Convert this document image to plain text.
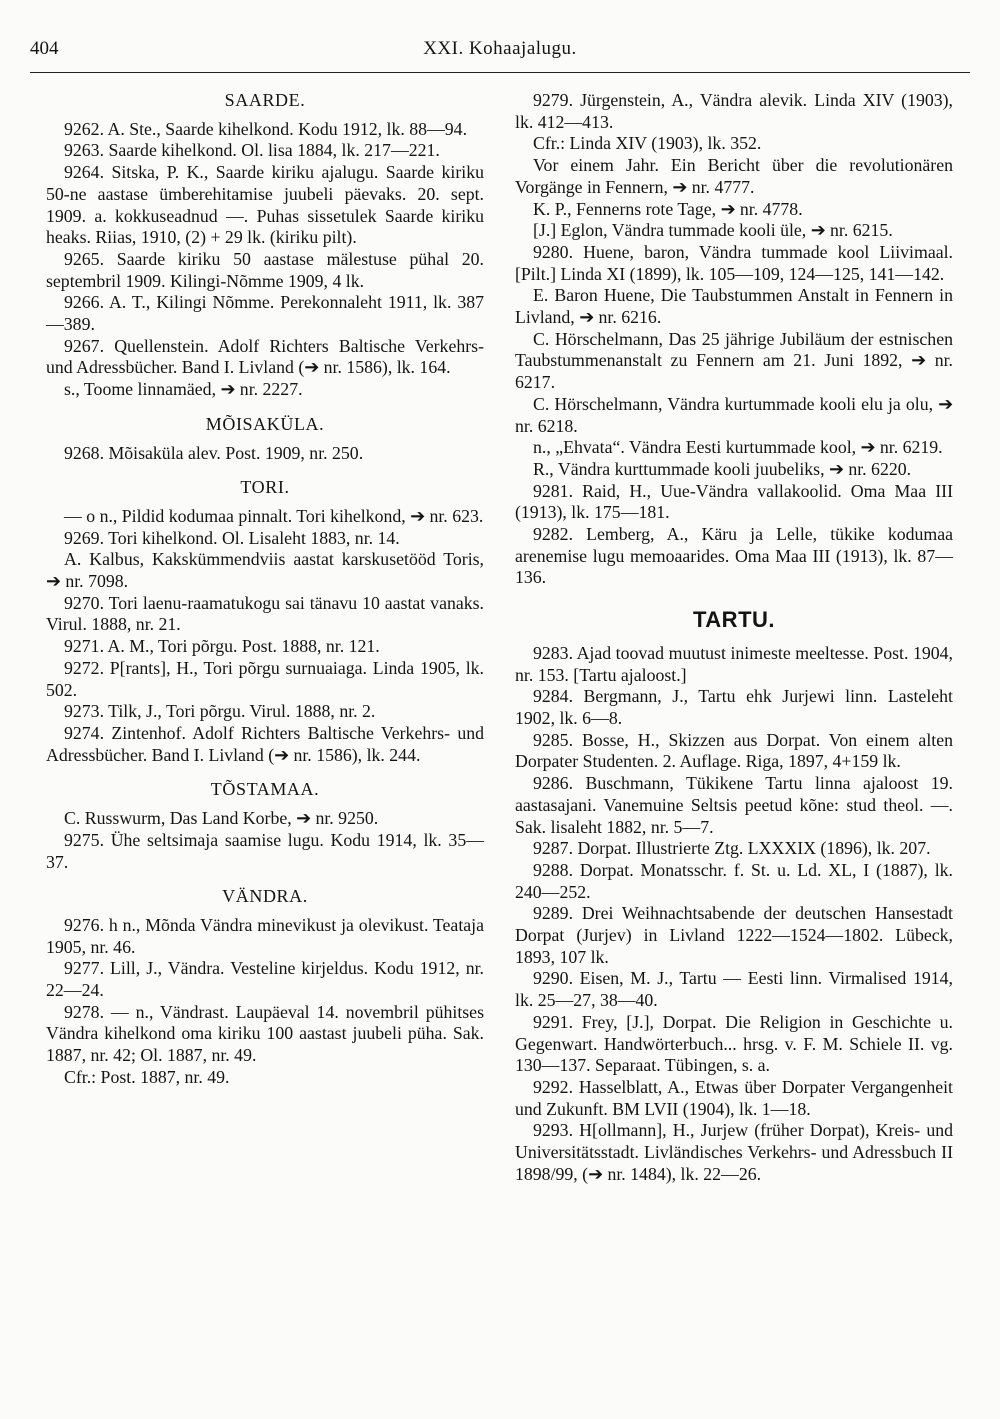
404	XXI. Kohaajalugu.
SAARDE.

9262. A. Ste., Saarde kihelkond. Kodu 1912, lk. 88—94.

9263. Saarde kihelkond. Ol. lisa 1884, lk. 217—221.

9264. Sitska, P. K., Saarde kiriku ajalugu. Saarde kiriku 50-ne aastase ümberehitamise juubeli päevaks. 20. sept. 1909. a. kokkuseadnud —. Puhas sissetulek Saarde kiriku heaks. Riias, 1910, (2) + 29 lk. (kiriku pilt).

9265. Saarde kiriku 50 aastase mälestuse pühal 20. septembril 1909. Kilingi-Nõmme 1909, 4 lk.

9266. A. T., Kilingi Nõmme. Perekonnaleht 1911, lk. 387—389.

9267. Quellenstein. Adolf Richters Baltische Verkehrs- und Adressbücher. Band I. Livland (➔ nr. 1586), lk. 164.

s., Toome linnamäed, ➔ nr. 2227.

MÕISAKÜLA.

9268. Mõisaküla alev. Post. 1909, nr. 250.

TORI.

— o n., Pildid kodumaa pinnalt. Tori kihelkond, ➔ nr. 623.

9269. Tori kihelkond. Ol. Lisaleht 1883, nr. 14.

A. Kalbus, Kakskümmendviis aastat karskusetööd Toris, ➔ nr. 7098.

9270. Tori laenu-raamatukogu sai tänavu 10 aastat vanaks. Virul. 1888, nr. 21.

9271. A. M., Tori põrgu. Post. 1888, nr. 121.

9272. P[rants], H., Tori põrgu surnuaiaga. Linda 1905, lk. 502.

9273. Tilk, J., Tori põrgu. Virul. 1888, nr. 2.

9274. Zintenhof. Adolf Richters Baltische Verkehrs- und Adressbücher. Band I. Livland (➔ nr. 1586), lk. 244.

TÕSTAMAA.

C. Russwurm, Das Land Korbe, ➔ nr. 9250.

9275. Ühe seltsimaja saamise lugu. Kodu 1914, lk. 35—37.

VÄNDRA.

9276. h n., Mõnda Vändra minevikust ja olevikust. Teataja 1905, nr. 46.

9277. Lill, J., Vändra. Vesteline kirjeldus. Kodu 1912, nr. 22—24.

9278. — n., Vändrast. Laupäeval 14. novembril pühitses Vändra kihelkond oma kiriku 100 aastast juubeli püha. Sak. 1887, nr. 42; Ol. 1887, nr. 49.

Cfr.: Post. 1887, nr. 49.

9279. Jürgenstein, A., Vändra alevik. Linda XIV (1903), lk. 412—413.

Cfr.: Linda XIV (1903), lk. 352.

Vor einem Jahr. Ein Bericht über die revolutionären Vorgänge in Fennern, ➔ nr. 4777.

K. P., Fennerns rote Tage, ➔ nr. 4778.

[J.] Eglon, Vändra tummade kooli üle, ➔ nr. 6215.

9280. Huene, baron, Vändra tummade kool Liivimaal. [Pilt.] Linda XI (1899), lk. 105—109, 124—125, 141—142.

E. Baron Huene, Die Taubstummen Anstalt in Fennern in Livland, ➔ nr. 6216.

C. Hörschelmann, Das 25 jährige Jubiläum der estnischen Taubstummenanstalt zu Fennern am 21. Juni 1892, ➔ nr. 6217.

C. Hörschelmann, Vändra kurtummade kooli elu ja olu, ➔ nr. 6218.

n., „Ehvata“. Vändra Eesti kurtummade kool, ➔ nr. 6219.

R., Vändra kurttummade kooli juubeliks, ➔ nr. 6220.

9281. Raid, H., Uue-Vändra vallakoolid. Oma Maa III (1913), lk. 175—181.

9282. Lemberg, A., Käru ja Lelle, tükike kodumaa arenemise lugu memoaarides. Oma Maa III (1913), lk. 87—136.

TARTU.

9283. Ajad toovad muutust inimeste meeltesse. Post. 1904, nr. 153. [Tartu ajaloost.]

9284. Bergmann, J., Tartu ehk Jurjewi linn. Lasteleht 1902, lk. 6—8.

9285. Bosse, H., Skizzen aus Dorpat. Von einem alten Dorpater Studenten. 2. Auflage. Riga, 1897, 4+159 lk.

9286. Buschmann, Tükikene Tartu linna ajaloost 19. aastasajani. Vanemuine Seltsis peetud kõne: stud theol. —. Sak. lisaleht 1882, nr. 5—7.

9287. Dorpat. Illustrierte Ztg. LXXXIX (1896), lk. 207.

9288. Dorpat. Monatsschr. f. St. u. Ld. XL, I (1887), lk. 240—252.

9289. Drei Weihnachtsabende der deutschen Hansestadt Dorpat (Jurjev) in Livland 1222—1524—1802. Lübeck, 1893, 107 lk.

9290. Eisen, M. J., Tartu — Eesti linn. Virmalised 1914, lk. 25—27, 38—40.

9291. Frey, [J.], Dorpat. Die Religion in Geschichte u. Gegenwart. Handwörterbuch... hrsg. v. F. M. Schiele II. vg. 130—137. Separaat. Tübingen, s. a.

9292. Hasselblatt, A., Etwas über Dorpater Vergangenheit und Zukunft. BM LVII (1904), lk. 1—18.

9293. H[ollmann], H., Jurjew (früher Dorpat), Kreis- und Universitätsstadt. Livländisches Verkehrs- und Adressbuch II 1898/99, (➔ nr. 1484), lk. 22—26.
